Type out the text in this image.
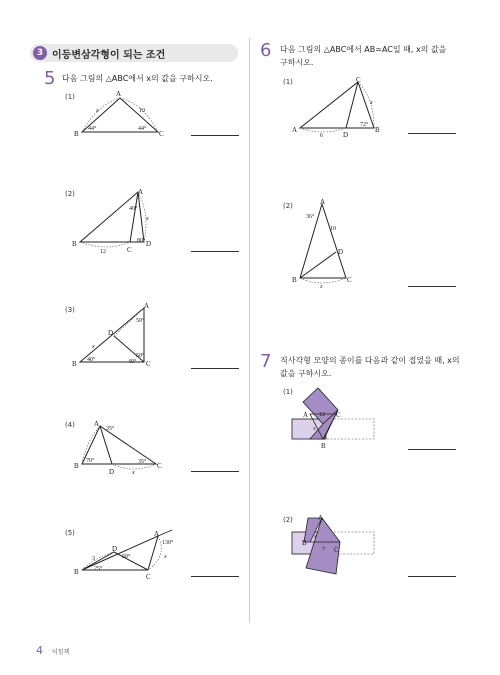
3 이등변삼각형이 되는 조건
5 다음 그림의 △ABC에서 x의 값을 구하시오.
(1)
(2)
(3)
(4)
(5)
A
B	C
x	10
44°	44°
A
B
C
D
40°
80°
12
x
A
B	C
D
50°
50°
40°	40°
x
A
B	C
D
35°
70°	35°
x
A
B
C
D
3	50°
130°
25°
x
6 다음 그림의 △ABC에서 AB=AC일 때, x의 값을
구하시오.
(1)
(2)
C
A
D
B
72°
6
x
A
B	C
D
36°
10
x
7 직사각형 모양의 종이를 다음과 같이 접었을 때, x의
값을 구하시오.
(1)
(2)
A	C
B
12
x
A
B
C
7
x
4 익힘책
